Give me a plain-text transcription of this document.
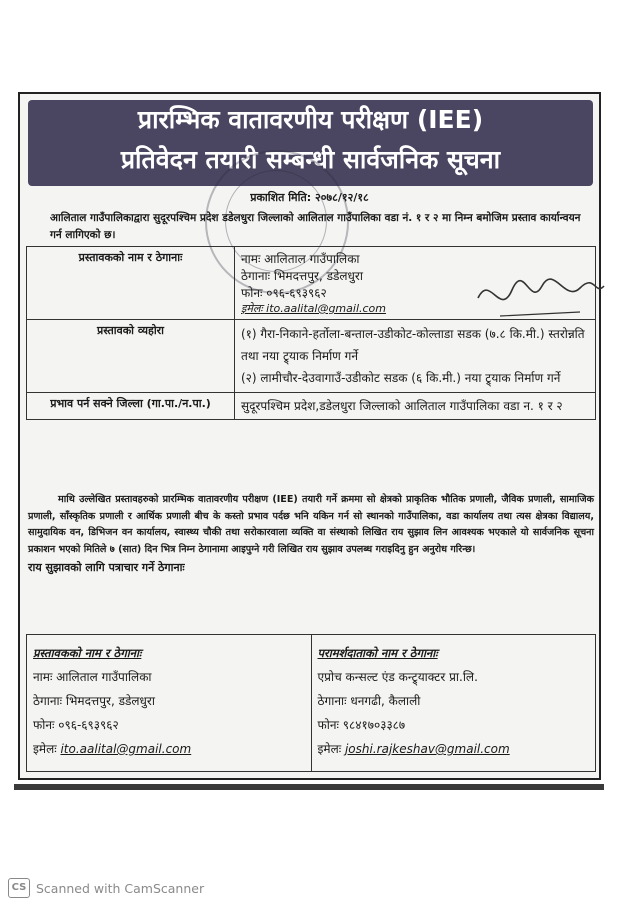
प्रारम्भिक वातावरणीय परीक्षण (IEE)
प्रतिवेदन तयारी सम्बन्धी सार्वजनिक सूचना
प्रकाशित मिति: २०७८/१२/१८
आलिताल गाउँपालिकाद्वारा सुदूरपश्चिम प्रदेश डडेलधुरा जिल्लाको आलिताल गाउँपालिका वडा नं. १ र २ मा निम्न बमोजिम प्रस्ताव कार्यान्वयन गर्न लागिएको छ।
प्रस्तावकको नाम र ठेगानाः	नामः आलिताल गाउँपालिका
ठेगानाः भिमदत्तपुर, डडेलधुरा
फोनः ०९६-६९३९६२
इमेलः ito.aalital@gmail.com

प्रस्तावको व्यहोरा	(१) गैरा-निकाने-हर्तोला-बन्ताल-उडीकोट-कोल्ताडा सडक (७.८ कि.मी.) स्तरोन्नति तथा नया ट्र्याक निर्माण गर्ने
(२) लामीचौर-देउवागाउँ-उडीकोट सडक (६ कि.मी.) नया ट्र्याक निर्माण गर्ने

प्रभाव पर्न सक्ने जिल्ला (गा.पा./न.पा.)	सुदूरपश्चिम प्रदेश,डडेलधुरा जिल्लाको आलिताल गाउँपालिका वडा न. १ र २

माथि उल्लेखित प्रस्तावहरुको प्रारम्भिक वातावरणीय परीक्षण (IEE) तयारी गर्ने क्रममा सो क्षेत्रको प्राकृतिक भौतिक प्रणाली, जैविक प्रणाली, सामाजिक प्रणाली, साँस्कृतिक प्रणाली र आर्थिक प्रणाली बीच के कस्तो प्रभाव पर्दछ भनि यकिन गर्न सो स्थानको गाउँपालिका, वडा कार्यालय तथा त्यस क्षेत्रका विद्यालय, सामुदायिक वन, डिभिजन वन कार्यालय, स्वास्थ्य चौकी तथा सरोकारवाला व्यक्ति वा संस्थाको लिखित राय सुझाव लिन आवश्यक भएकाले यो सार्वजनिक सूचना प्रकाशन भएको मितिले ७ (सात) दिन भित्र निम्न ठेगानामा आइपुग्ने गरी लिखित राय सुझाव उपलब्ध गराइदिनु हुन अनुरोध गरिन्छ।

राय सुझावको लागि पत्राचार गर्ने ठेगानाः
प्रस्तावकको नाम र ठेगानाः
नामः आलिताल गाउँपालिका
ठेगानाः भिमदत्तपुर, डडेलधुरा
फोनः ०९६-६९३९६२
इमेलः ito.aalital@gmail.com
परामर्शदाताको नाम र ठेगानाः
एप्रोच कन्सल्ट एंड कन्ट्र्याक्टर प्रा.लि.
ठेगानाः धनगढी, कैलाली
फोनः ९८४१७०३३८७
इमेलः joshi.rajkeshav@gmail.com
CS Scanned with CamScanner
